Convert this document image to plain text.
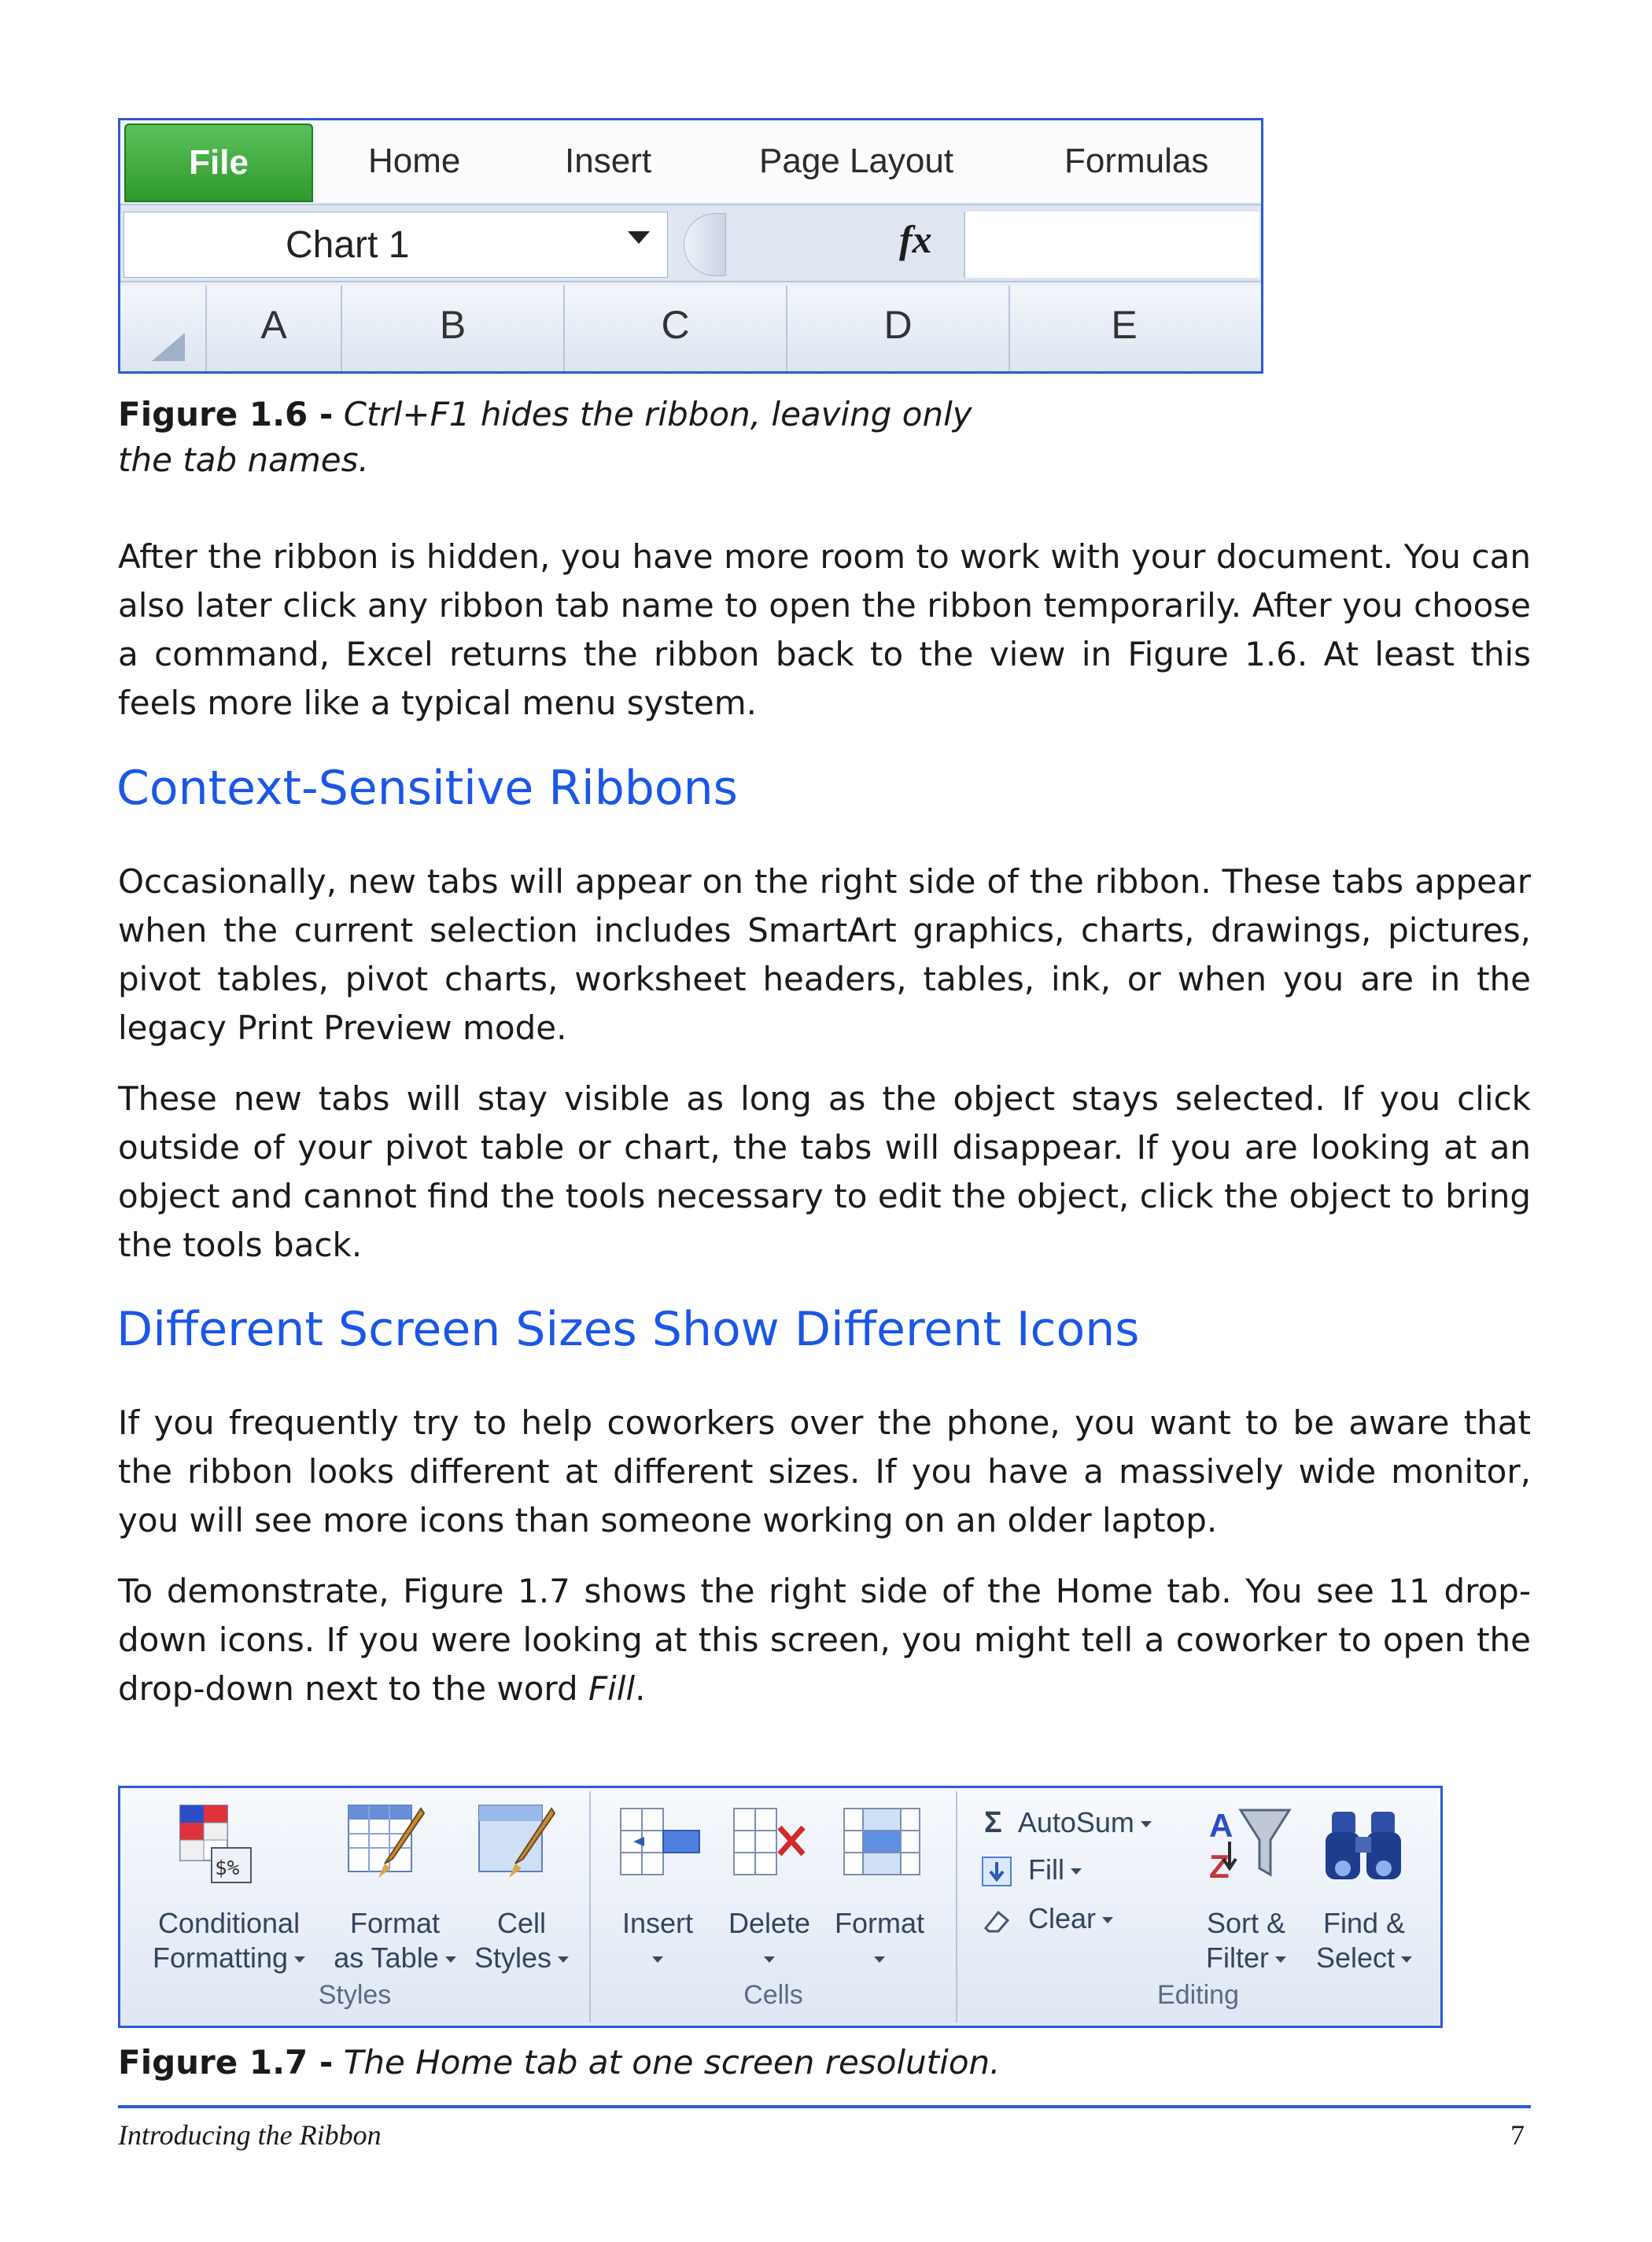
File	Home	Insert	Page Layout	Formulas
Chart 1	fx
A	B	C	D	E
Figure 1.6 - Ctrl+F1 hides the ribbon, leaving only
the tab names.

After the ribbon is hidden, you have more room to work with your document. You can also later click any ribbon tab name to open the ribbon temporarily. After you choose a command, Excel returns the ribbon back to the view in Figure 1.6. At least this feels more like a typical menu system.

Context-Sensitive Ribbons

Occasionally, new tabs will appear on the right side of the ribbon. These tabs appear when the current selection includes SmartArt graphics, charts, drawings, pictures, pivot tables, pivot charts, worksheet headers, tables, ink, or when you are in the legacy Print Preview mode.

These new tabs will stay visible as long as the object stays selected. If you click outside of your pivot table or chart, the tabs will disappear. If you are looking at an object and cannot find the tools necessary to edit the object, click the object to bring the tools back.

Different Screen Sizes Show Different Icons

If you frequently try to help coworkers over the phone, you want to be aware that the ribbon looks different at different sizes. If you have a massively wide monitor, you will see more icons than someone working on an older laptop.

To demonstrate, Figure 1.7 shows the right side of the Home tab. You see 11 drop-down icons. If you were looking at this screen, you might tell a coworker to open the drop-down next to the word Fill.

$%
Conditional
Formatting
Format
as Table
Cell
Styles
Styles
Insert	Delete Format
Cells
Σ AutoSum
Fill
Clear
A
Z
Sort &
Filter
Find &
Select
Editing
Figure 1.7 - The Home tab at one screen resolution.
Introducing the Ribbon	7
